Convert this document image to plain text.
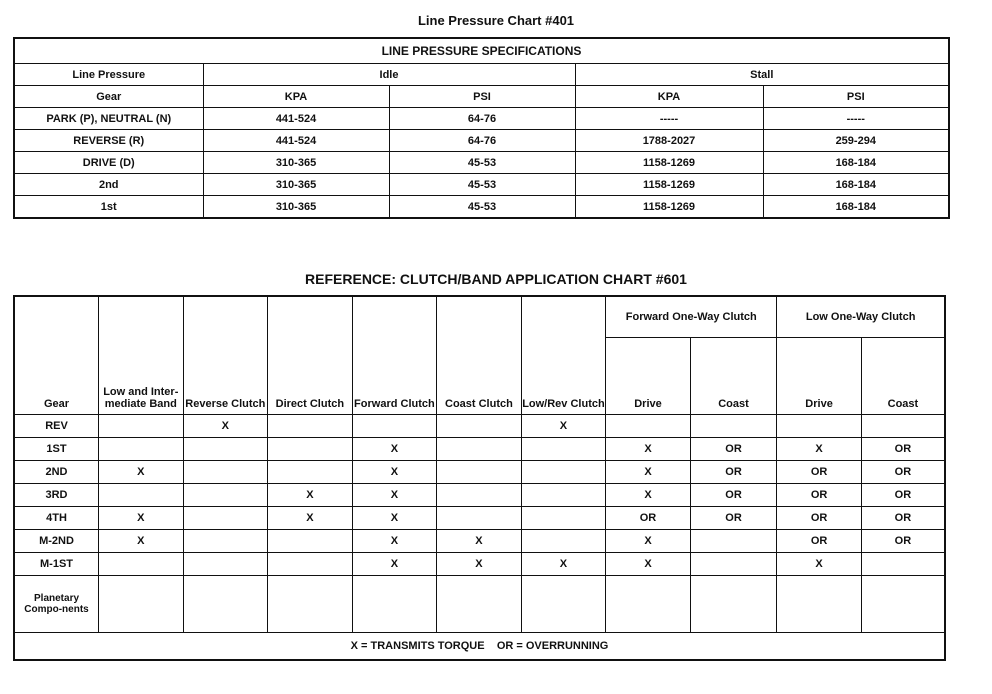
Line Pressure Chart #401
LINE PRESSURE SPECIFICATIONS				
Line Pressure	Idle		Stall	
Gear	KPA	PSI	KPA	PSI
PARK (P), NEUTRAL (N)	441-524	64-76	-----	-----
REVERSE (R)	441-524	64-76	1788-2027	259-294
DRIVE (D)	310-365	45-53	1158-1269	168-184
2nd	310-365	45-53	1158-1269	168-184
1st	310-365	45-53	1158-1269	168-184
REFERENCE: CLUTCH/BAND APPLICATION CHART #601
Gear	Low and Inter-mediate Band	Reverse Clutch	Direct Clutch	Forward Clutch	Coast Clutch	Low/Rev Clutch	Forward One-Way Clutch		Low One-Way Clutch	
							Drive	Coast	Drive	Coast
REV		X				X				
1ST				X			X	OR	X	OR
2ND	X			X			X	OR	OR	OR
3RD			X	X			X	OR	OR	OR
4TH	X		X	X			OR	OR	OR	OR
M-2ND	X			X	X		X		OR	OR
M-1ST				X	X	X	X		X	
Planetary Compo-nents										
X = TRANSMITS TORQUE    OR = OVERRUNNING										
